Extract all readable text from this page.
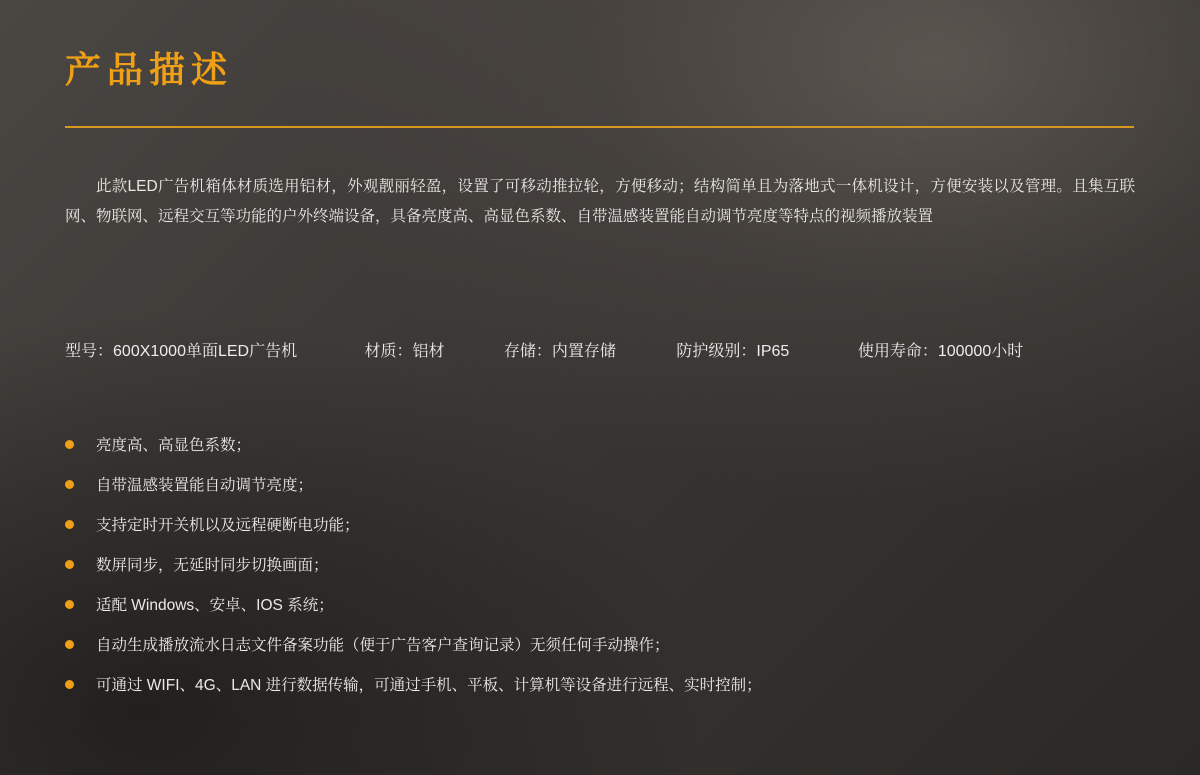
产品描述
此款LED广告机箱体材质选用铝材，外观靓丽轻盈，设置了可移动推拉轮，方便移动；结构简单且为落地式一体机设计，方便安装以及管理。且集互联网、物联网、远程交互等功能的户外终端设备，具备亮度高、高显色系数、自带温感装置能自动调节亮度等特点的视频播放装置
型号：600X1000单面LED广告机	材质：铝材	存储：内置存储	防护级别：IP65	使用寿命：100000小时
亮度高、高显色系数；
自带温感装置能自动调节亮度；
支持定时开关机以及远程硬断电功能；
数屏同步，无延时同步切换画面；
适配 Windows、安卓、IOS 系统；
自动生成播放流水日志文件备案功能（便于广告客户查询记录）无须任何手动操作；
可通过 WIFI、4G、LAN 进行数据传输，可通过手机、平板、计算机等设备进行远程、实时控制；
